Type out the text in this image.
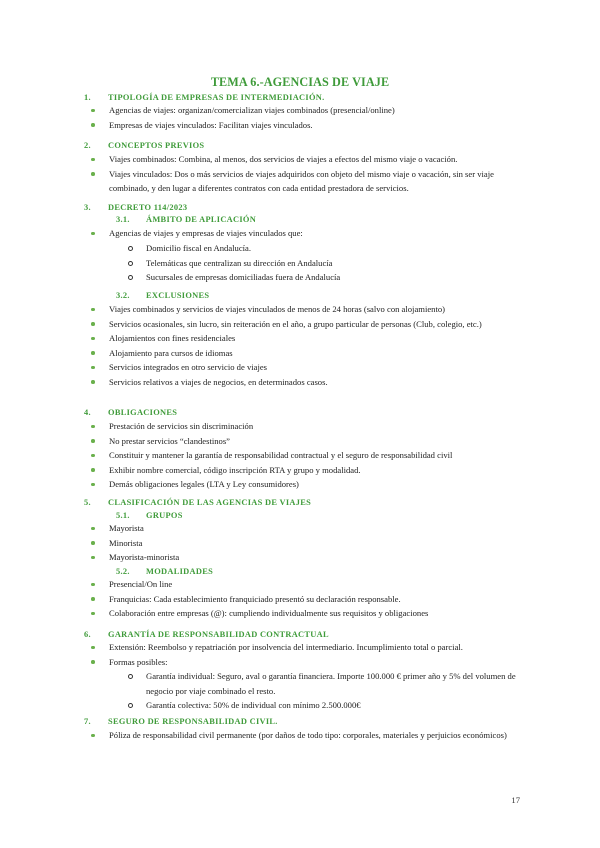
TEMA 6.-AGENCIAS DE VIAJE
1. TIPOLOGÍA DE EMPRESAS DE INTERMEDIACIÓN.
Agencias de viajes: organizan/comercializan viajes combinados (presencial/online)
Empresas de viajes vinculados: Facilitan viajes vinculados.
2. CONCEPTOS PREVIOS
Viajes combinados: Combina, al menos, dos servicios de viajes a efectos del mismo viaje o vacación.
Viajes vinculados: Dos o más servicios de viajes adquiridos con objeto del mismo viaje o vacación, sin ser viaje combinado, y den lugar a diferentes contratos con cada entidad prestadora de servicios.
3. DECRETO 114/2023
3.1. ÁMBITO DE APLICACIÓN
Agencias de viajes y empresas de viajes vinculados que:
Domicilio fiscal en Andalucía.
Telemáticas que centralizan su dirección en Andalucía
Sucursales de empresas domiciliadas fuera de Andalucía
3.2. EXCLUSIONES
Viajes combinados y servicios de viajes vinculados de menos de 24 horas (salvo con alojamiento)
Servicios ocasionales, sin lucro, sin reiteración en el año, a grupo particular de personas (Club, colegio, etc.)
Alojamientos con fines residenciales
Alojamiento para cursos de idiomas
Servicios integrados en otro servicio de viajes
Servicios relativos a viajes de negocios, en determinados casos.
4. OBLIGACIONES
Prestación de servicios sin discriminación
No prestar servicios “clandestinos”
Constituir y mantener la garantía de responsabilidad contractual y el seguro de responsabilidad civil
Exhibir nombre comercial, código inscripción RTA y grupo y modalidad.
Demás obligaciones legales (LTA y Ley consumidores)
5. CLASIFICACIÓN DE LAS AGENCIAS DE VIAJES
5.1. GRUPOS
Mayorista
Minorista
Mayorista-minorista
5.2. MODALIDADES
Presencial/On line
Franquicias: Cada establecimiento franquiciado presentó su declaración responsable.
Colaboración entre empresas (@): cumpliendo individualmente sus requisitos y obligaciones
6. GARANTÍA DE RESPONSABILIDAD CONTRACTUAL
Extensión: Reembolso y repatriación por insolvencia del intermediario. Incumplimiento total o parcial.
Formas posibles:
Garantía individual: Seguro, aval o garantía financiera. Importe 100.000 € primer año y 5% del volumen de negocio por viaje combinado el resto.
Garantía colectiva: 50% de individual con mínimo 2.500.000€
7. SEGURO DE RESPONSABILIDAD CIVIL.
Póliza de responsabilidad civil permanente (por daños de todo tipo: corporales, materiales y perjuicios económicos)
17
